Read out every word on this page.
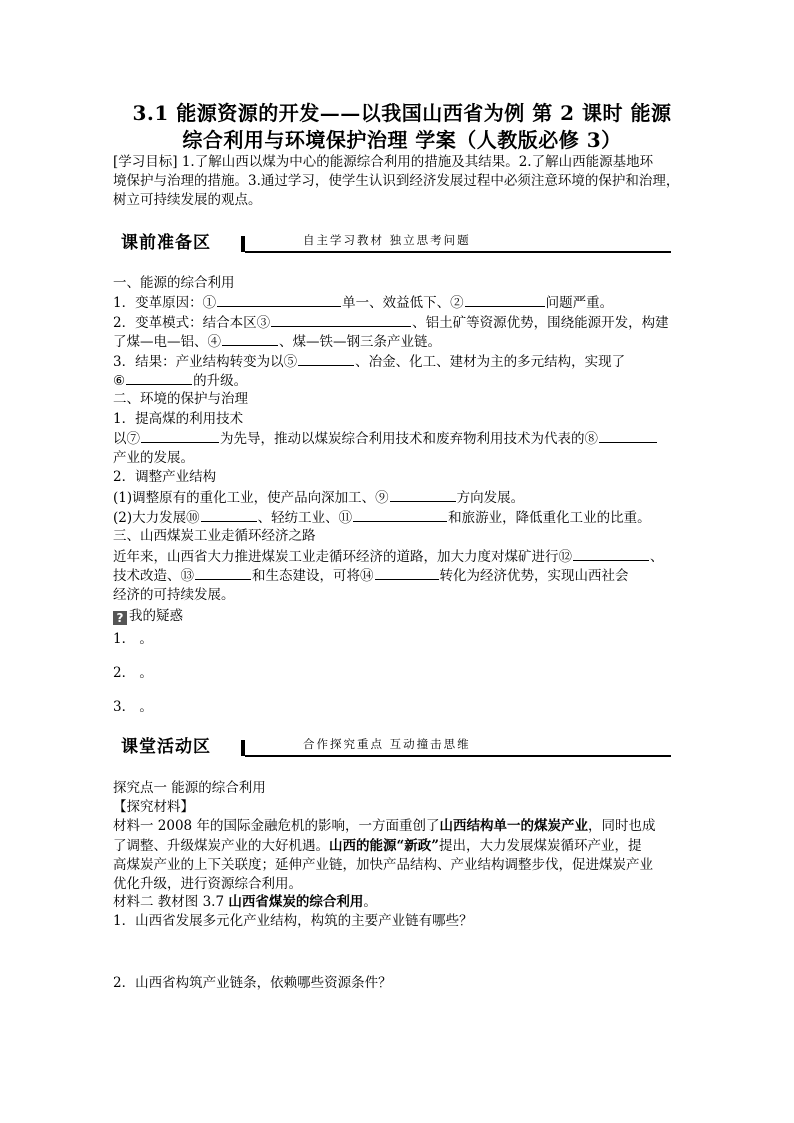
3.1 能源资源的开发——以我国山西省为例 第 2 课时 能源
综合利用与环境保护治理 学案（人教版必修 3）
[学习目标] 1.了解山西以煤为中心的能源综合利用的措施及其结果。2.了解山西能源基地环
境保护与治理的措施。3.通过学习，使学生认识到经济发展过程中必须注意环境的保护和治理，
树立可持续发展的观点。
课前准备区	自主学习教材 独立思考问题
一、能源的综合利用
1．变革原因：①	单一、效益低下、②	问题严重。
2．变革模式：结合本区③	、铝土矿等资源优势，围绕能源开发，构建
了煤—电—铝、④	、煤—铁—钢三条产业链。
3．结果：产业结构转变为以⑤	、冶金、化工、建材为主的多元结构，实现了
⑥	的升级。
二、环境的保护与治理
1．提高煤的利用技术
以⑦	为先导，推动以煤炭综合利用技术和废弃物利用技术为代表的⑧
产业的发展。
2．调整产业结构
(1)调整原有的重化工业，使产品向深加工、⑨	方向发展。
(2)大力发展⑩	、轻纺工业、⑪	和旅游业，降低重化工业的比重。
三、山西煤炭工业走循环经济之路
近年来，山西省大力推进煤炭工业走循环经济的道路，加大力度对煤矿进行⑫	、
技术改造、⑬	和生态建设，可将⑭	转化为经济优势，实现山西社会
经济的可持续发展。
? 我的疑惑
1． 。
2． 。
3． 。
课堂活动区	合作探究重点 互动撞击思维
探究点一 能源的综合利用
【探究材料】
材料一 2008 年的国际金融危机的影响，一方面重创了山西结构单一的煤炭产业，同时也成
了调整、升级煤炭产业的大好机遇。山西的能源“新政”提出，大力发展煤炭循环产业，提
高煤炭产业的上下关联度；延伸产业链，加快产品结构、产业结构调整步伐，促进煤炭产业
优化升级，进行资源综合利用。
材料二 教材图 3.7 山西省煤炭的综合利用。
1．山西省发展多元化产业结构，构筑的主要产业链有哪些？
2．山西省构筑产业链条，依赖哪些资源条件？
